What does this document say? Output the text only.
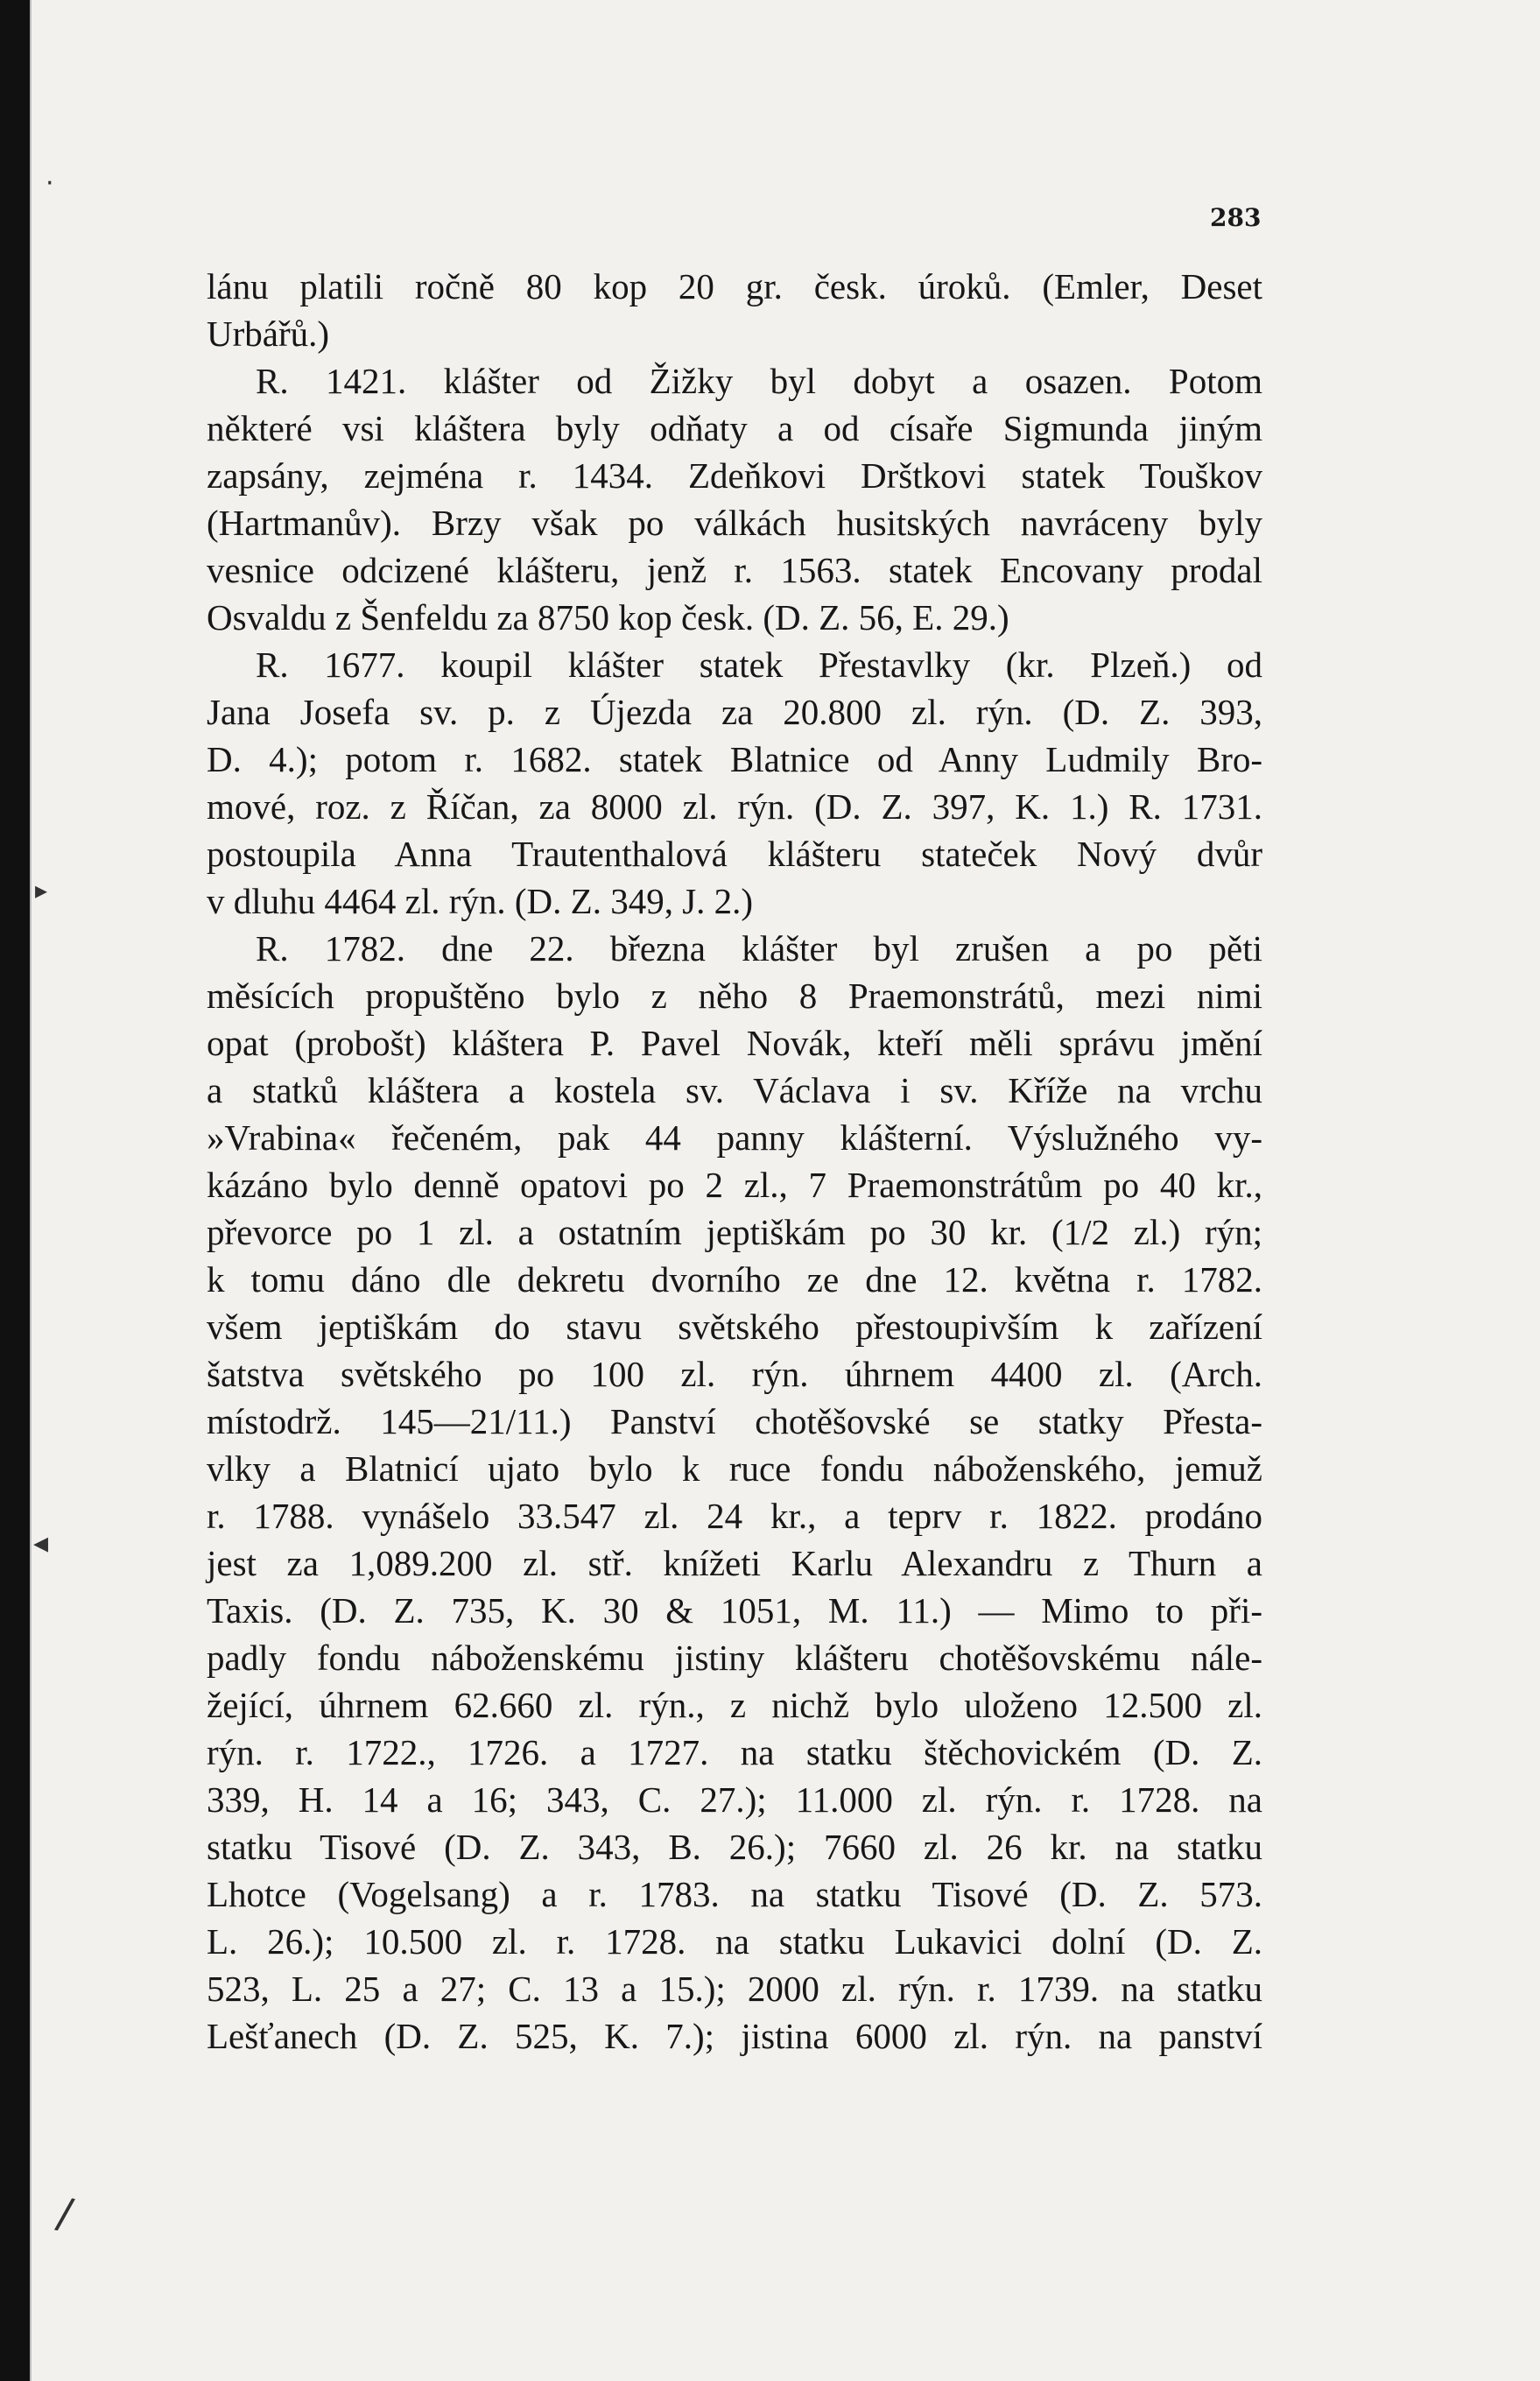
283
lánu platili ročně 80 kop 20 gr. česk. úroků. (Emler, Deset
Urbářů.)
R. 1421. klášter od Žižky byl dobyt a osazen. Potom
některé vsi kláštera byly odňaty a od císaře Sigmunda jiným
zapsány, zejména r. 1434. Zdeňkovi Drštkovi statek Touškov
(Hartmanův). Brzy však po válkách husitských navráceny byly
vesnice odcizené klášteru, jenž r. 1563. statek Encovany prodal
Osvaldu z Šenfeldu za 8750 kop česk. (D. Z. 56, E. 29.)
R. 1677. koupil klášter statek Přestavlky (kr. Plzeň.) od
Jana Josefa sv. p. z Újezda za 20.800 zl. rýn. (D. Z. 393,
D. 4.); potom r. 1682. statek Blatnice od Anny Ludmily Bro-
mové, roz. z Říčan, za 8000 zl. rýn. (D. Z. 397, K. 1.) R. 1731.
postoupila Anna Trautenthalová klášteru stateček Nový dvůr
v dluhu 4464 zl. rýn. (D. Z. 349, J. 2.)
R. 1782. dne 22. března klášter byl zrušen a po pěti
měsících propuštěno bylo z něho 8 Praemonstrátů, mezi nimi
opat (probošt) kláštera P. Pavel Novák, kteří měli správu jmění
a statků kláštera a kostela sv. Václava i sv. Kříže na vrchu
»Vrabina« řečeném, pak 44 panny klášterní. Výslužného vy-
kázáno bylo denně opatovi po 2 zl., 7 Praemonstrátům po 40 kr.,
převorce po 1 zl. a ostatním jeptiškám po 30 kr. (1/2 zl.) rýn;
k tomu dáno dle dekretu dvorního ze dne 12. května r. 1782.
všem jeptiškám do stavu světského přestoupivším k zařízení
šatstva světského po 100 zl. rýn. úhrnem 4400 zl. (Arch.
místodrž. 145—21/11.) Panství chotěšovské se statky Přesta-
vlky a Blatnicí ujato bylo k ruce fondu náboženského, jemuž
r. 1788. vynášelo 33.547 zl. 24 kr., a teprv r. 1822. prodáno
jest za 1,089.200 zl. stř. knížeti Karlu Alexandru z Thurn a
Taxis. (D. Z. 735, K. 30 & 1051, M. 11.) — Mimo to při-
padly fondu náboženskému jistiny klášteru chotěšovskému nále-
žející, úhrnem 62.660 zl. rýn., z nichž bylo uloženo 12.500 zl.
rýn. r. 1722., 1726. a 1727. na statku štěchovickém (D. Z.
339, H. 14 a 16; 343, C. 27.); 11.000 zl. rýn. r. 1728. na
statku Tisové (D. Z. 343, B. 26.); 7660 zl. 26 kr. na statku
Lhotce (Vogelsang) a r. 1783. na statku Tisové (D. Z. 573.
L. 26.); 10.500 zl. r. 1728. na statku Lukavici dolní (D. Z.
523, L. 25 a 27; C. 13 a 15.); 2000 zl. rýn. r. 1739. na statku
Lešťanech (D. Z. 525, K. 7.); jistina 6000 zl. rýn. na panství
·
▸
◂
/
